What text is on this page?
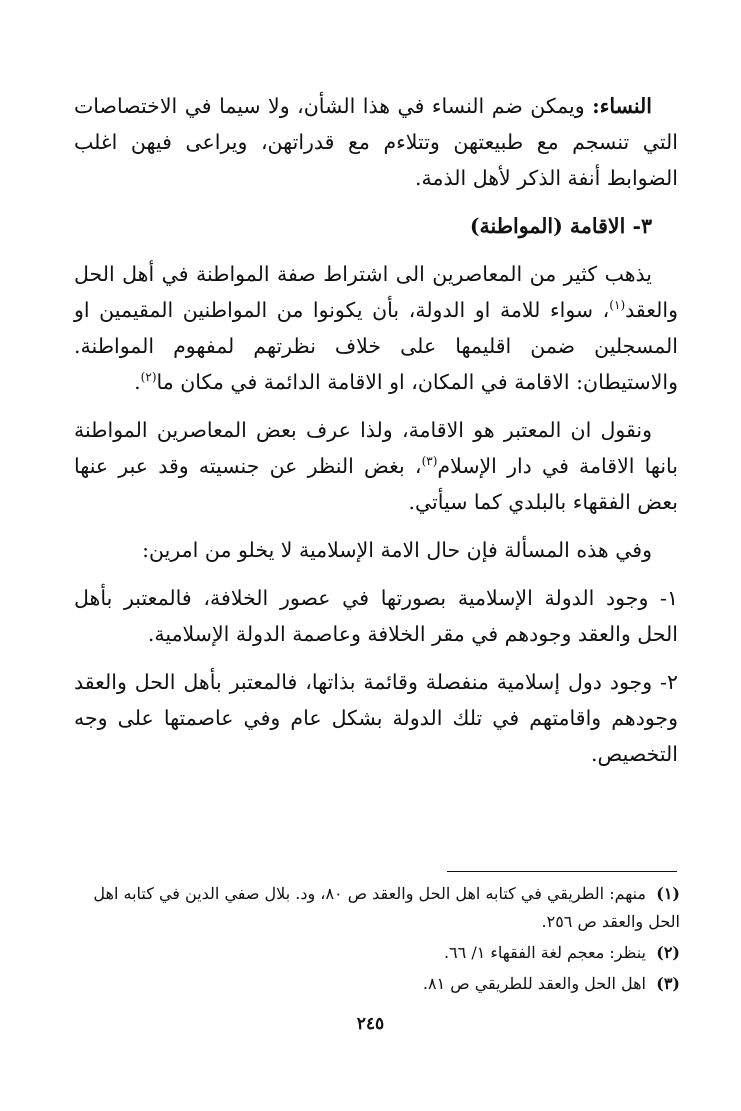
النساء: ويمكن ضم النساء في هذا الشأن، ولا سيما في الاختصاصات التي تنسجم مع طبيعتهن وتتلاءم مع قدراتهن، ويراعى فيهن اغلب الضوابط أنفة الذكر لأهل الذمة.

٣- الاقامة (المواطنة)

يذهب كثير من المعاصرين الى اشتراط صفة المواطنة في أهل الحل والعقد$^{(١)}$، سواء للامة او الدولة، بأن يكونوا من المواطنين المقيمين او المسجلين ضمن اقليمها على خلاف نظرتهم لمفهوم المواطنة. والاستيطان: الاقامة في المكان، او الاقامة الدائمة في مكان ما$^{(٢)}$.

ونقول ان المعتبر هو الاقامة، ولذا عرف بعض المعاصرين المواطنة بانها الاقامة في دار الإسلام$^{(٣)}$، بغض النظر عن جنسيته وقد عبر عنها بعض الفقهاء بالبلدي كما سيأتي.

وفي هذه المسألة فإن حال الامة الإسلامية لا يخلو من امرين:

١- وجود الدولة الإسلامية بصورتها في عصور الخلافة، فالمعتبر بأهل الحل والعقد وجودهم في مقر الخلافة وعاصمة الدولة الإسلامية.

٢- وجود دول إسلامية منفصلة وقائمة بذاتها، فالمعتبر بأهل الحل والعقد وجودهم واقامتهم في تلك الدولة بشكل عام وفي عاصمتها على وجه التخصيص.

(١)منهم: الطريقي في كتابه اهل الحل والعقد ص ٨٠، ود. بلال صفي الدين في كتابه اهل الحل والعقد ص ٢٥٦.

(٢)ينظر: معجم لغة الفقهاء ١/ ٦٦.

(٣)اهل الحل والعقد للطريقي ص ٨١.

٢٤٥
